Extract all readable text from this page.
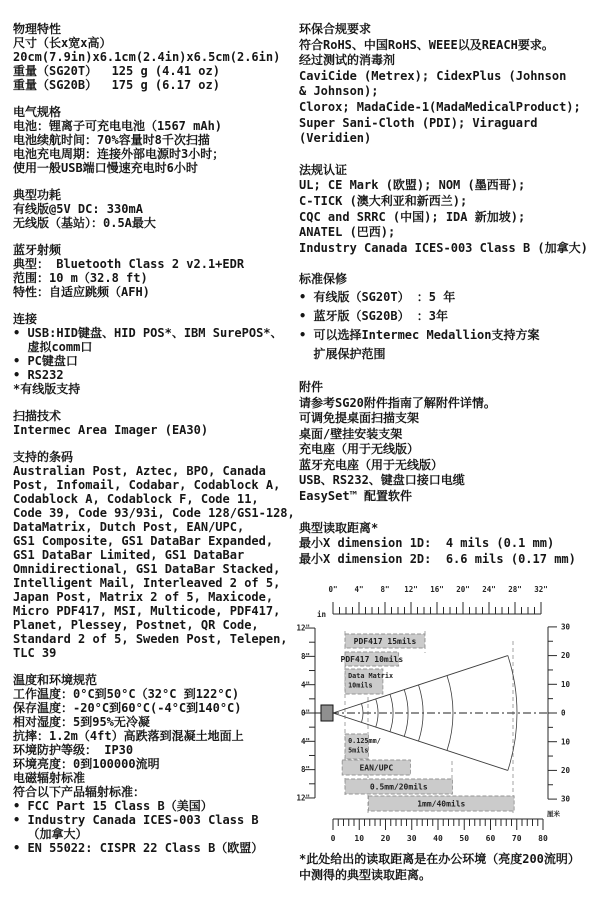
物理特性
尺寸（长x宽x高）
20cm(7.9in)x6.1cm(2.4in)x6.5cm(2.6in)
重量（SG20T）  125 g (4.41 oz)
重量（SG20B）  175 g (6.17 oz)
电气规格
电池：锂离子可充电电池（1567 mAh)
电池续航时间：70%容量时8千次扫描
电池充电周期：连接外部电源时3小时；
使用一般USB端口慢速充电时6小时
典型功耗
有线版@5V DC: 330mA
无线版（基站）：0.5A最大
蓝牙射频
典型： Bluetooth Class 2 v2.1+EDR
范围：10 m（32.8 ft)
特性：自适应跳频（AFH)
连接
• USB:HID键盘、HID POS*、IBM SurePOS*、
虚拟comm口
• PC键盘口
• RS232
*有线版支持
扫描技术
Intermec Area Imager (EA30)
支持的条码
Australian Post, Aztec, BPO, Canada
Post, Infomail, Codabar, Codablock A,
Codablock A, Codablock F, Code 11,
Code 39, Code 93/93i, Code 128/GS1-128,
DataMatrix, Dutch Post, EAN/UPC,
GS1 Composite, GS1 DataBar Expanded,
GS1 DataBar Limited, GS1 DataBar
Omnidirectional, GS1 DataBar Stacked,
Intelligent Mail, Interleaved 2 of 5,
Japan Post, Matrix 2 of 5, Maxicode,
Micro PDF417, MSI, Multicode, PDF417,
Planet, Plessey, Postnet, QR Code,
Standard 2 of 5, Sweden Post, Telepen,
TLC 39
温度和环境规范
工作温度：0°C到50°C（32°C 到122°C)
保存温度：-20°C到60°C(-4°C到140°C)
相对湿度：5到95%无冷凝
抗摔：1.2m（4ft）高跌落到混凝土地面上
环境防护等级： IP30
环境亮度：0到100000流明
电磁辐射标准
符合以下产品辐射标准：
• FCC Part 15 Class B（美国）
• Industry Canada ICES-003 Class B
（加拿大）
• EN 55022: CISPR 22 Class B（欧盟）
环保合规要求
符合RoHS、中国RoHS、WEEE以及REACH要求。
经过测试的消毒剂
CaviCide (Metrex); CidexPlus (Johnson
& Johnson);
Clorox; MadaCide-1(MadaMedicalProduct);
Super Sani-Cloth (PDI); Viraguard
(Veridien)
法规认证
UL; CE Mark (欧盟); NOM (墨西哥);
C-TICK (澳大利亚和新西兰);
CQC and SRRC (中国); IDA 新加坡);
ANATEL (巴西);
Industry Canada ICES-003 Class B (加拿大)
标准保修
• 有线版（SG20T） ：5 年
• 蓝牙版（SG20B） ：3年
• 可以选择Intermec Medallion支持方案
扩展保护范围
附件
请参考SG20附件指南了解附件详情。
可调免提桌面扫描支架
桌面/壁挂安装支架
充电座（用于无线版）
蓝牙充电座（用于无线版）
USB、RS232、键盘口接口电缆
EasySet™ 配置软件
典型读取距离*
最小X dimension 1D:  4 mils (0.1 mm)
最小X dimension 2D:  6.6 mils (0.17 mm)
0" 4" 8" 12" 16" 20" 24" 28" 32"
in
12"
8"
4"
0"
4"
8"
12"
30
20
10
0
10
20
30
0 10 20 30 40 50 60 70 80
厘米
PDF417 15mils
PDF417 10mils
Data Matrix
10mils
0.125mm/
5mils
EAN/UPC
0.5mm/20mils
1mm/40mils
*此处给出的读取距离是在办公环境（亮度200流明）
中测得的典型读取距离。
